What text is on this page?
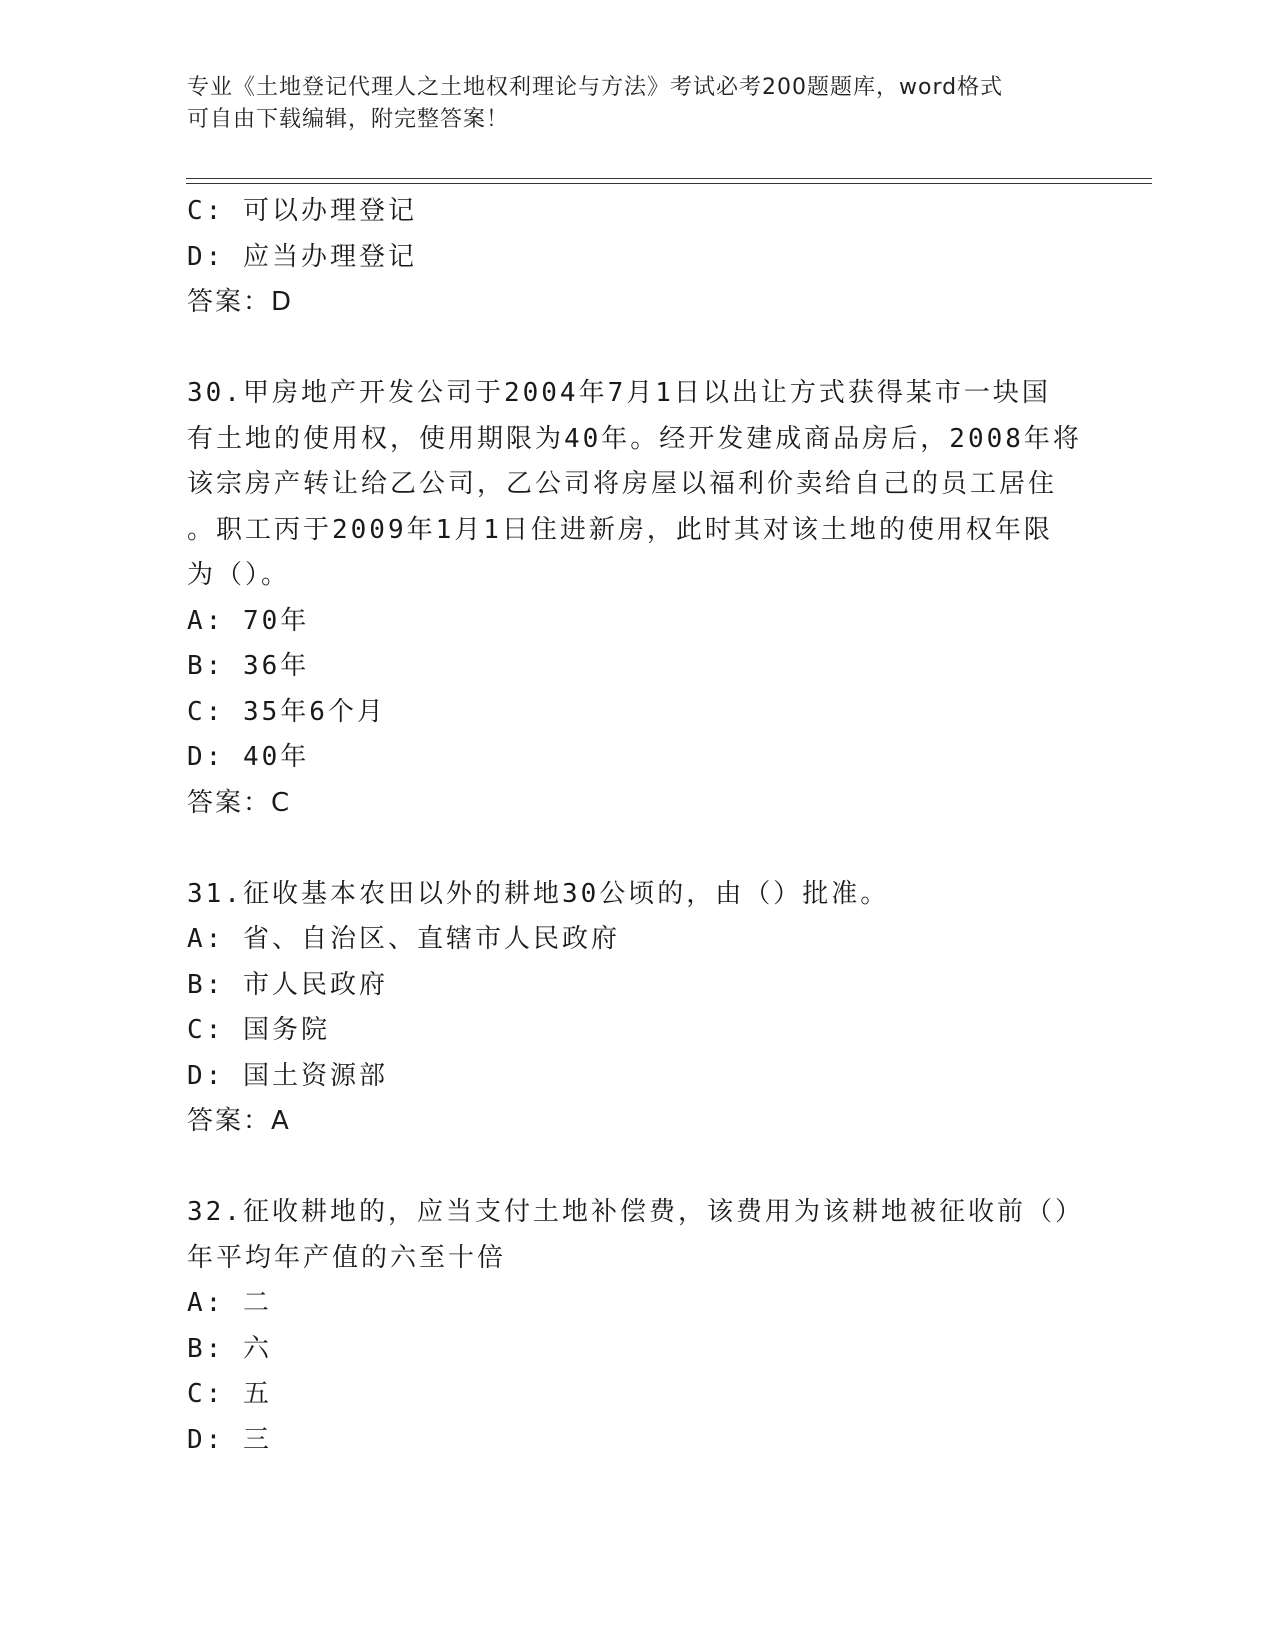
专业《土地登记代理人之土地权利理论与方法》考试必考200题题库，word格式
可自由下载编辑，附完整答案！
C: 可以办理登记
D: 应当办理登记
答案：D
30.甲房地产开发公司于2004年7月1日以出让方式获得某市一块国
有土地的使用权，使用期限为40年。经开发建成商品房后，2008年将
该宗房产转让给乙公司，乙公司将房屋以福利价卖给自己的员工居住
。职工丙于2009年1月1日住进新房，此时其对该土地的使用权年限
为（）。
A: 70年
B: 36年
C: 35年6个月
D: 40年
答案：C
31.征收基本农田以外的耕地30公顷的，由（）批准。
A: 省、自治区、直辖市人民政府
B: 市人民政府
C: 国务院
D: 国土资源部
答案：A
32.征收耕地的，应当支付土地补偿费，该费用为该耕地被征收前（）
年平均年产值的六至十倍
A: 二
B: 六
C: 五
D: 三
